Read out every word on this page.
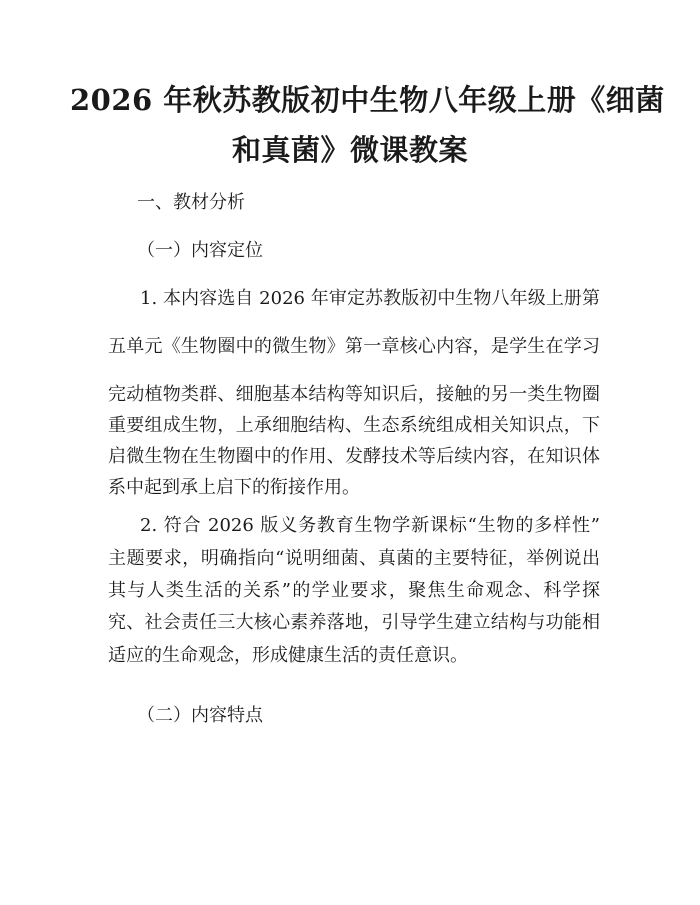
2026 年秋苏教版初中生物八年级上册《细菌
和真菌》微课教案
一、教材分析
（一）内容定位
1. 本内容选自 2026 年审定苏教版初中生物八年级上册第
五单元《生物圈中的微生物》第一章核心内容，是学生在学习
完动植物类群、细胞基本结构等知识后，接触的另一类生物圈
重要组成生物，上承细胞结构、生态系统组成相关知识点，下
启微生物在生物圈中的作用、发酵技术等后续内容，在知识体
系中起到承上启下的衔接作用。
2. 符合 2026 版义务教育生物学新课标“生物的多样性”
主题要求，明确指向“说明细菌、真菌的主要特征，举例说出
其与人类生活的关系”的学业要求，聚焦生命观念、科学探
究、社会责任三大核心素养落地，引导学生建立结构与功能相
适应的生命观念，形成健康生活的责任意识。
（二）内容特点
